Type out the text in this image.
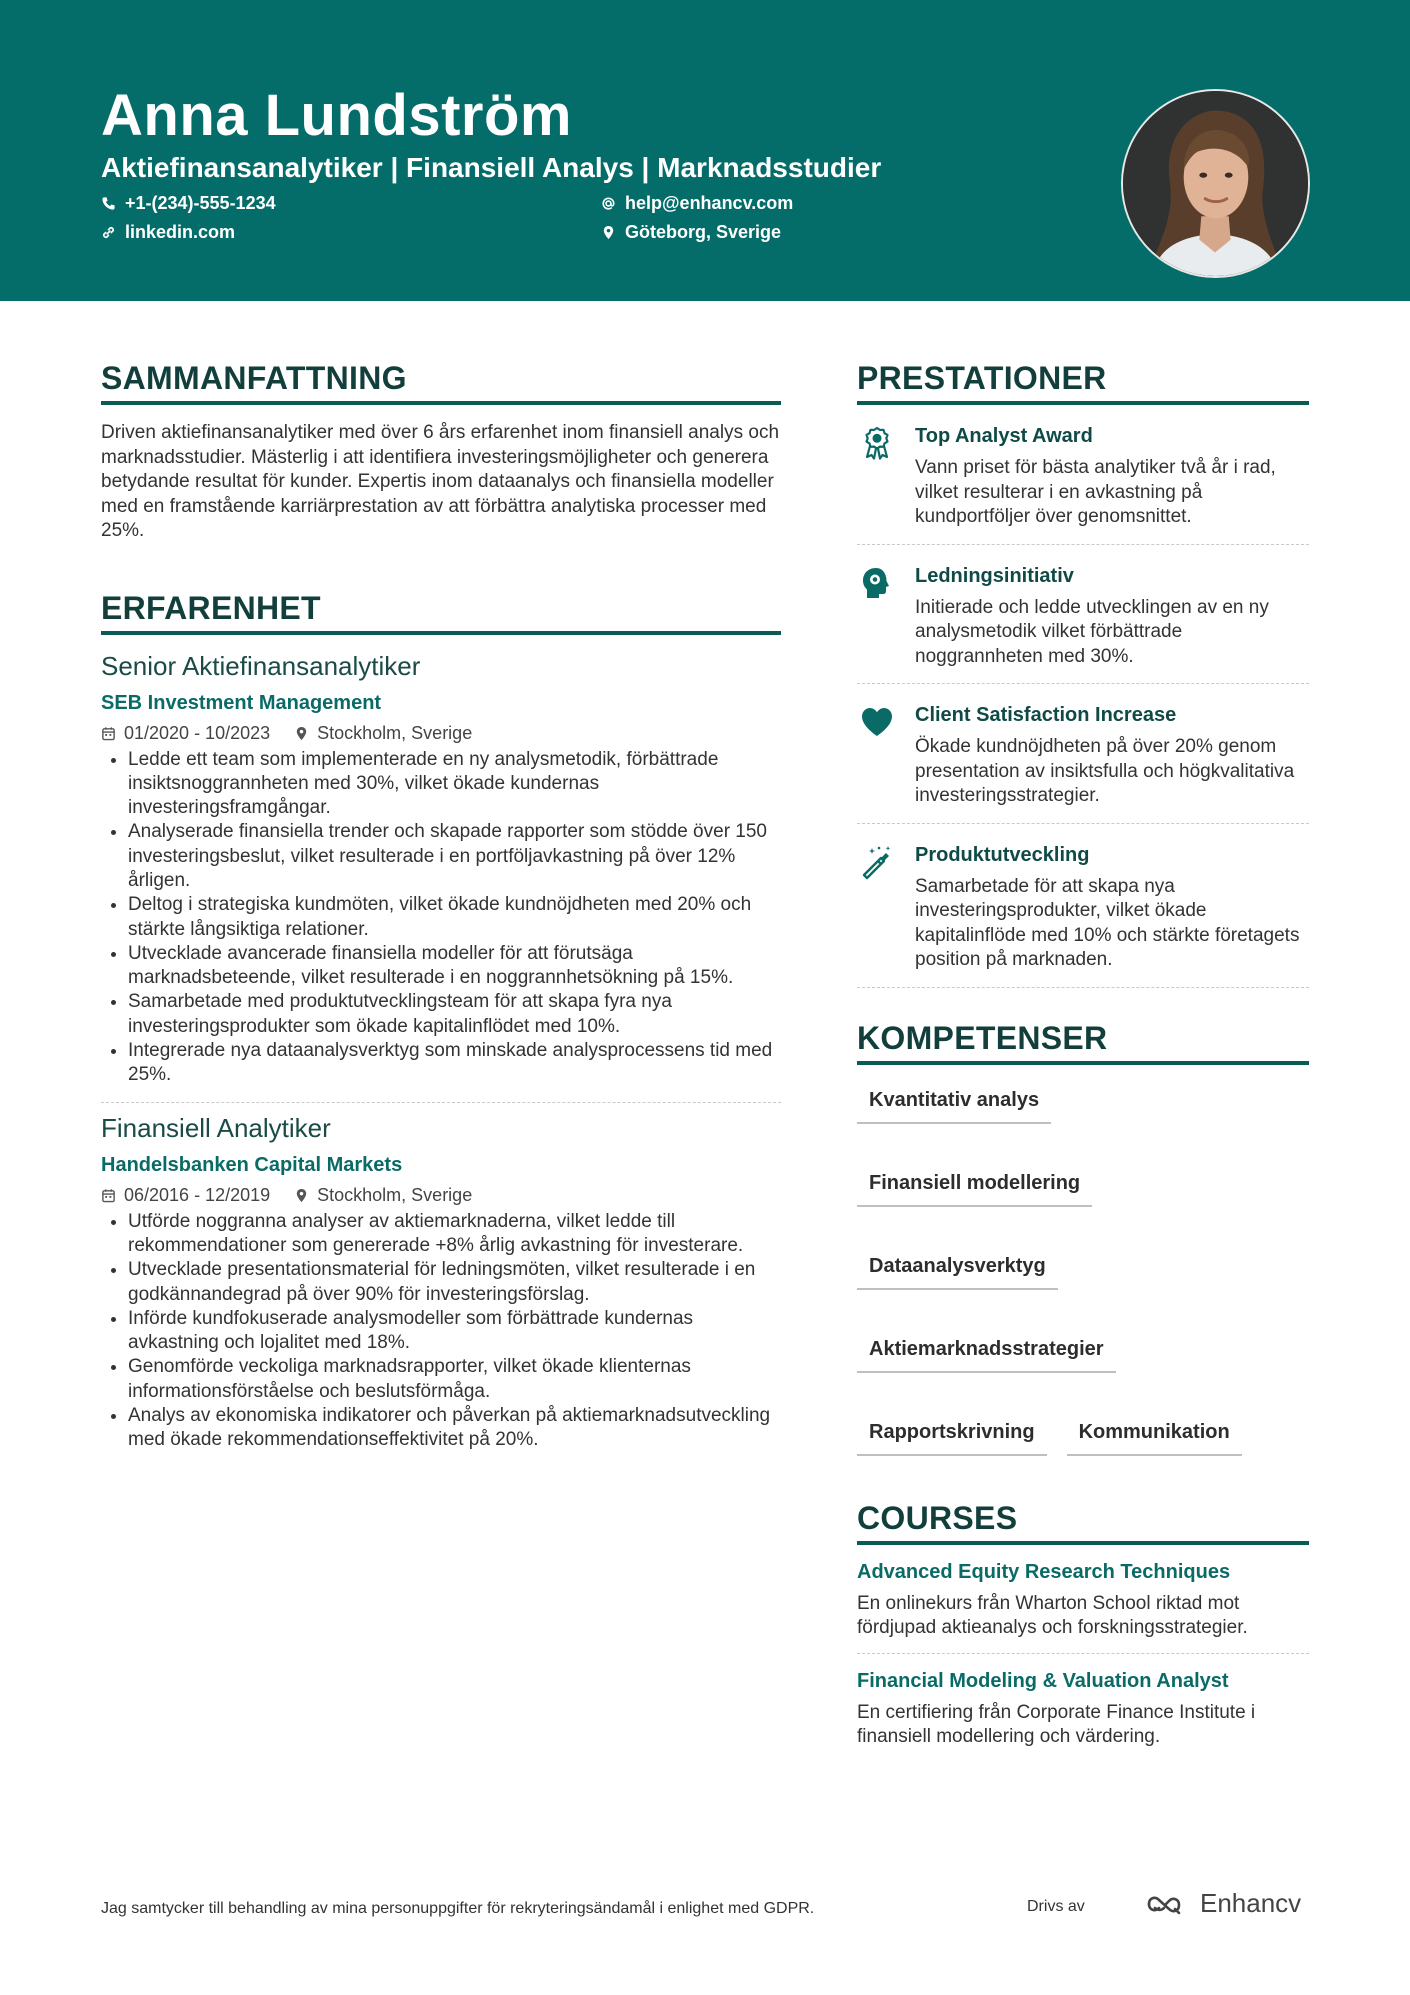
Anna Lundström
Aktiefinansanalytiker | Finansiell Analys | Marknadsstudier
+1-(234)-555-1234
linkedin.com
help@enhancv.com
Göteborg, Sverige
SAMMANFATTNING
Driven aktiefinansanalytiker med över 6 års erfarenhet inom finansiell analys och marknadsstudier. Mästerlig i att identifiera investeringsmöjligheter och generera betydande resultat för kunder. Expertis inom dataanalys och finansiella modeller med en framstående karriärprestation av att förbättra analytiska processer med 25%.
ERFARENHET
Senior Aktiefinansanalytiker
SEB Investment Management
01/2020 - 10/2023	Stockholm, Sverige
• Ledde ett team som implementerade en ny analysmetodik, förbättrade insiktsnoggrannheten med 30%, vilket ökade kundernas investeringsframgångar.
• Analyserade finansiella trender och skapade rapporter som stödde över 150 investeringsbeslut, vilket resulterade i en portföljavkastning på över 12% årligen.
• Deltog i strategiska kundmöten, vilket ökade kundnöjdheten med 20% och stärkte långsiktiga relationer.
• Utvecklade avancerade finansiella modeller för att förutsäga marknadsbeteende, vilket resulterade i en noggrannhetsökning på 15%.
• Samarbetade med produktutvecklingsteam för att skapa fyra nya investeringsprodukter som ökade kapitalinflödet med 10%.
• Integrerade nya dataanalysverktyg som minskade analysprocessens tid med 25%.
Finansiell Analytiker
Handelsbanken Capital Markets
06/2016 - 12/2019	Stockholm, Sverige
• Utförde noggranna analyser av aktiemarknaderna, vilket ledde till rekommendationer som genererade +8% årlig avkastning för investerare.
• Utvecklade presentationsmaterial för ledningsmöten, vilket resulterade i en godkännandegrad på över 90% för investeringsförslag.
• Införde kundfokuserade analysmodeller som förbättrade kundernas avkastning och lojalitet med 18%.
• Genomförde veckoliga marknadsrapporter, vilket ökade klienternas informationsförståelse och beslutsförmåga.
• Analys av ekonomiska indikatorer och påverkan på aktiemarknadsutveckling med ökade rekommendationseffektivitet på 20%.
PRESTATIONER
Top Analyst Award
Vann priset för bästa analytiker två år i rad, vilket resulterar i en avkastning på kundportföljer över genomsnittet.
Ledningsinitiativ
Initierade och ledde utvecklingen av en ny analysmetodik vilket förbättrade noggrannheten med 30%.
Client Satisfaction Increase
Ökade kundnöjdheten på över 20% genom presentation av insiktsfulla och högkvalitativa investeringsstrategier.
Produktutveckling
Samarbetade för att skapa nya investeringsprodukter, vilket ökade kapitalinflöde med 10% och stärkte företagets position på marknaden.
KOMPETENSER
Kvantitativ analys
Finansiell modellering
Dataanalysverktyg
Aktiemarknadsstrategier
Rapportskrivning	Kommunikation
COURSES
Advanced Equity Research Techniques
En onlinekurs från Wharton School riktad mot fördjupad aktieanalys och forskningsstrategier.
Financial Modeling & Valuation Analyst
En certifiering från Corporate Finance Institute i finansiell modellering och värdering.
Jag samtycker till behandling av mina personuppgifter för rekryteringsändamål i enlighet med GDPR.	Drivs av	Enhancv
